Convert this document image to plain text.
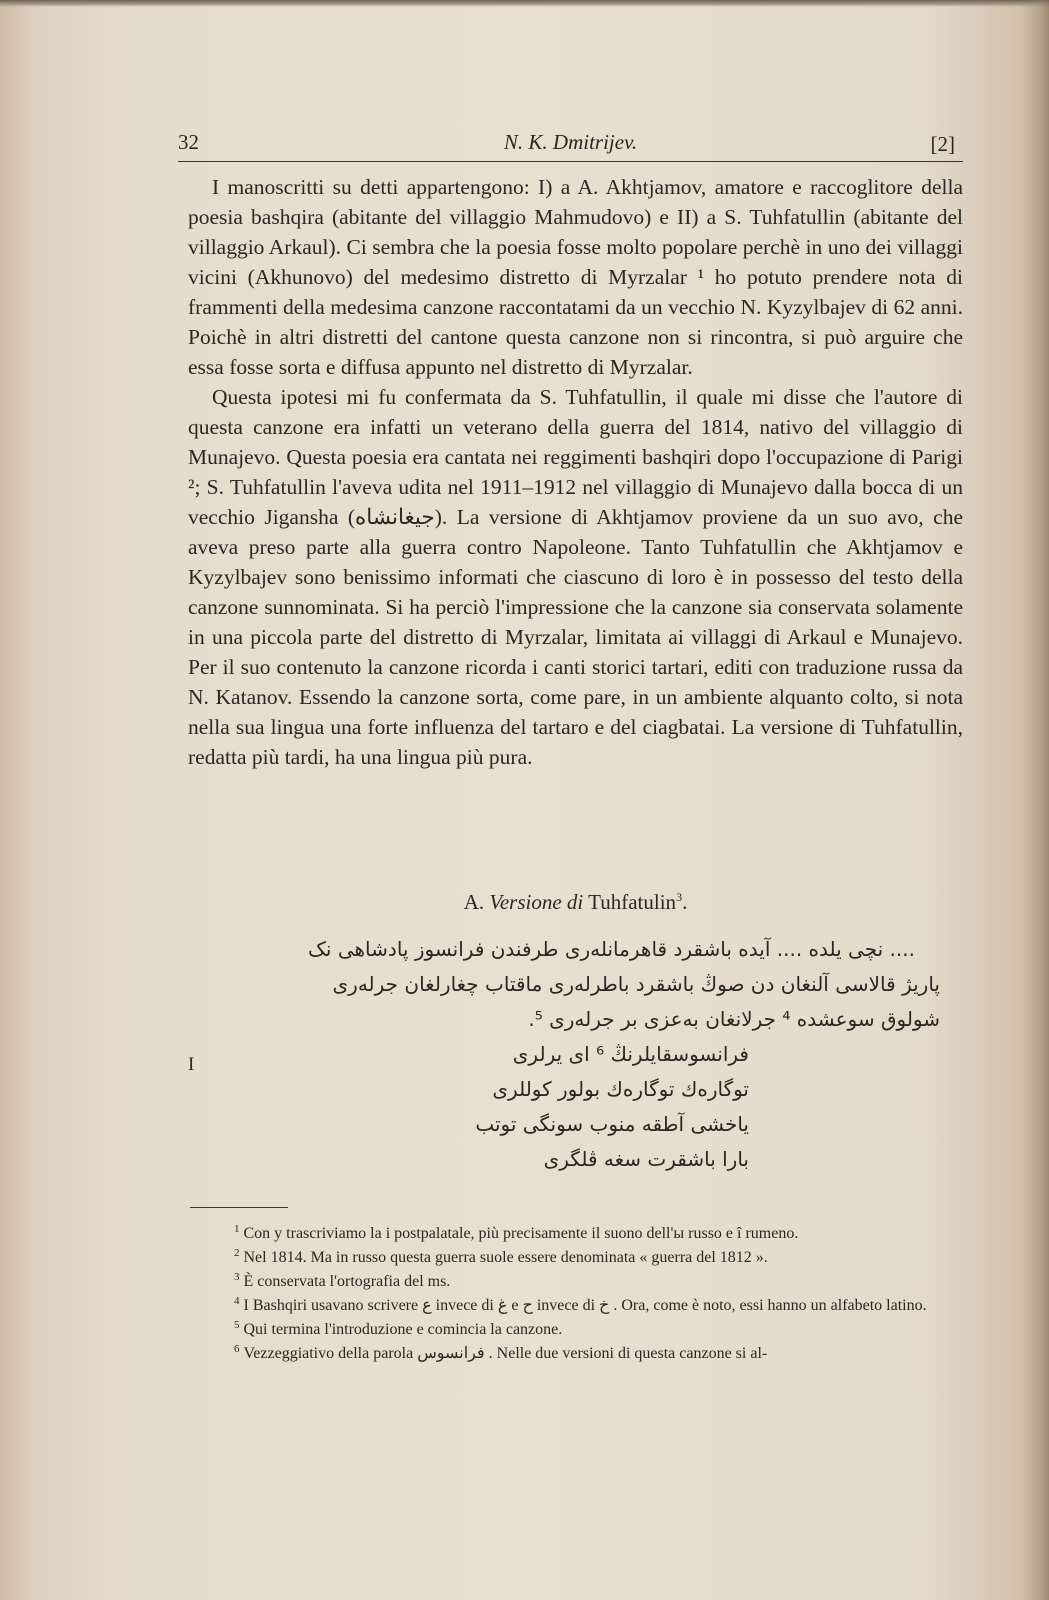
32	N. K. Dmitrijev.	[2]

I manoscritti su detti appartengono: I) a A. Akhtjamov, amatore e raccoglitore della poesia bashqira (abitante del villaggio Mahmudovo) e II) a S. Tuhfatullin (abitante del villaggio Arkaul). Ci sembra che la poesia fosse molto popolare perchè in uno dei villaggi vicini (Akhunovo) del medesimo distretto di Myrzalar ¹ ho potuto prendere nota di frammenti della medesima canzone raccontatami da un vecchio N. Kyzylbajev di 62 anni. Poichè in altri distretti del cantone questa canzone non si rincontra, si può arguire che essa fosse sorta e diffusa appunto nel distretto di Myrzalar.

Questa ipotesi mi fu confermata da S. Tuhfatullin, il quale mi disse che l'autore di questa canzone era infatti un veterano della guerra del 1814, nativo del villaggio di Munajevo. Questa poesia era cantata nei reggimenti bashqiri dopo l'occupazione di Parigi ²; S. Tuhfatullin l'aveva udita nel 1911–1912 nel villaggio di Munajevo dalla bocca di un vecchio Jigansha (جیغانشاه). La versione di Akhtjamov proviene da un suo avo, che aveva preso parte alla guerra contro Napoleone. Tanto Tuhfatullin che Akhtjamov e Kyzylbajev sono benissimo informati che ciascuno di loro è in possesso del testo della canzone sunnominata. Si ha perciò l'impressione che la canzone sia conservata solamente in una piccola parte del distretto di Myrzalar, limitata ai villaggi di Arkaul e Munajevo. Per il suo contenuto la canzone ricorda i canti storici tartari, editi con traduzione russa da N. Katanov. Essendo la canzone sorta, come pare, in un ambiente alquanto colto, si nota nella sua lingua una forte influenza del tartaro e del ciagbatai. La versione di Tuhfatullin, redatta più tardi, ha una lingua più pura.

A. Versione di Tuhfatulin$^3$.
.... نچی یلده .... آیده باشقرد قاهرمانلەری طرفندن فرانسوز پادشاهی نک
پاریژ قالاسی آلنغان دن صوڭ باشقرد باطرلەری ماقتاب چغارلغان جرلەری
شولوق سوعشده ⁴ جرلانغان بەعزی بر جرلەری ⁵.
فرانسوسقایلرنڭ ⁶ ای یرلری
توگارەك توگارەك بولور كوللری
یاخشی آطقە منوب سونگی توتب
بارا باشقرت سغە ڤلگری
I

$^1$ Con y trascriviamo la i postpalatale, più precisamente il suono dell'ы russo e î rumeno.

$^2$ Nel 1814. Ma in russo questa guerra suole essere denominata « guerra del 1812 ».

$^3$ È conservata l'ortografia del ms.

$^4$ I Bashqiri usavano scrivere ع invece di غ e ح invece di خ . Ora, come è noto, essi hanno un alfabeto latino.

$^5$ Qui termina l'introduzione e comincia la canzone.

$^6$ Vezzeggiativo della parola فرانسوس . Nelle due versioni di questa canzone si al-
